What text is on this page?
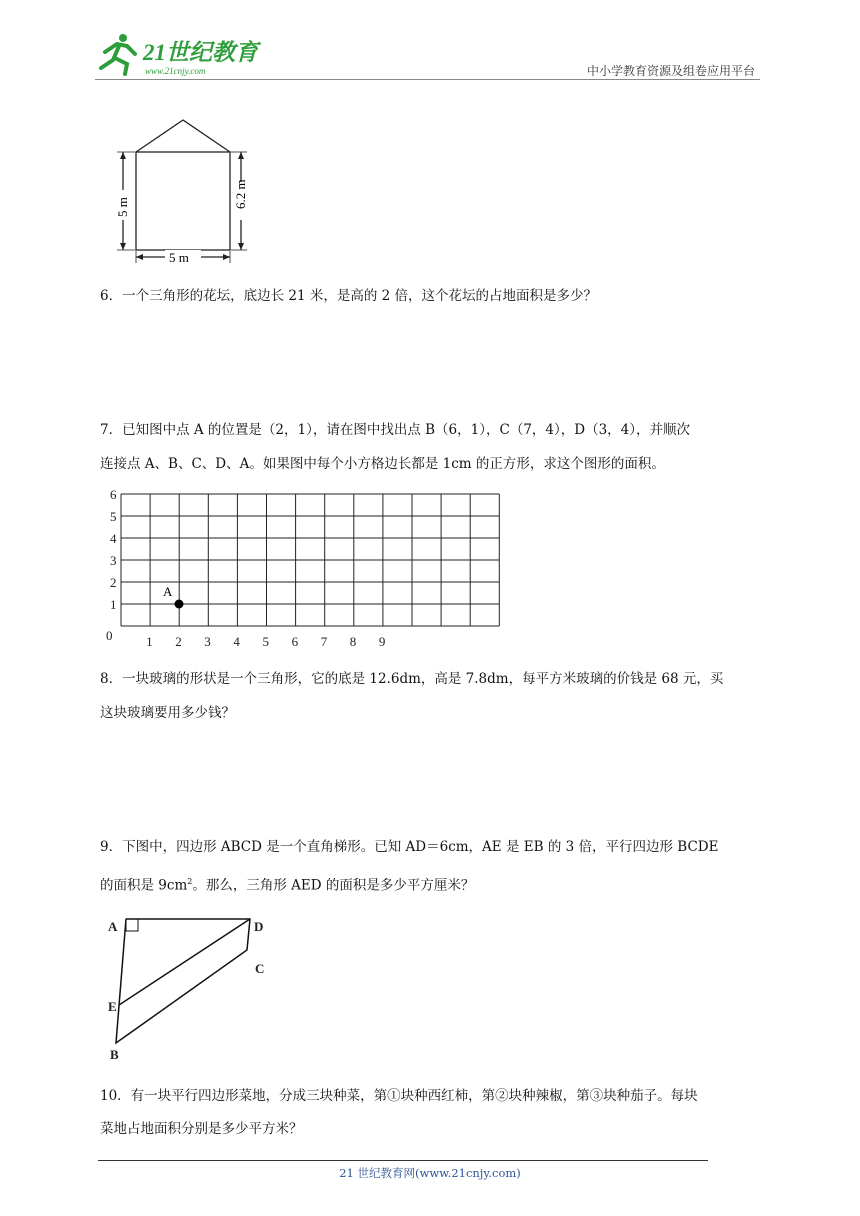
21世纪教育
www.21cnjy.com	中小学教育资源及组卷应用平台
5 m	6.2 m
5 m
6．一个三角形的花坛，底边长 21 米，是高的 2 倍，这个花坛的占地面积是多少？
7．已知图中点 A 的位置是（2，1），请在图中找出点 B（6，1），C（7，4），D（3，4），并顺次
连接点 A、B、C、D、A。如果图中每个小方格边长都是 1cm 的正方形，求这个图形的面积。
0
1
2
3
4
5
6
1 2 3 4 5 6 7 8 9
A
8．一块玻璃的形状是一个三角形，它的底是 12.6dm，高是 7.8dm，每平方米玻璃的价钱是 68 元，买
这块玻璃要用多少钱？
9．下图中，四边形 ABCD 是一个直角梯形。已知 AD＝6cm，AE 是 EB 的 3 倍，平行四边形 BCDE
的面积是 $9cm^2$。那么，三角形 AED 的面积是多少平方厘米？
A	D
C
E
B
10．有一块平行四边形菜地，分成三块种菜，第①块种西红柿，第②块种辣椒，第③块种茄子。每块
菜地占地面积分别是多少平方米？
21 世纪教育网(www.21cnjy.com)
